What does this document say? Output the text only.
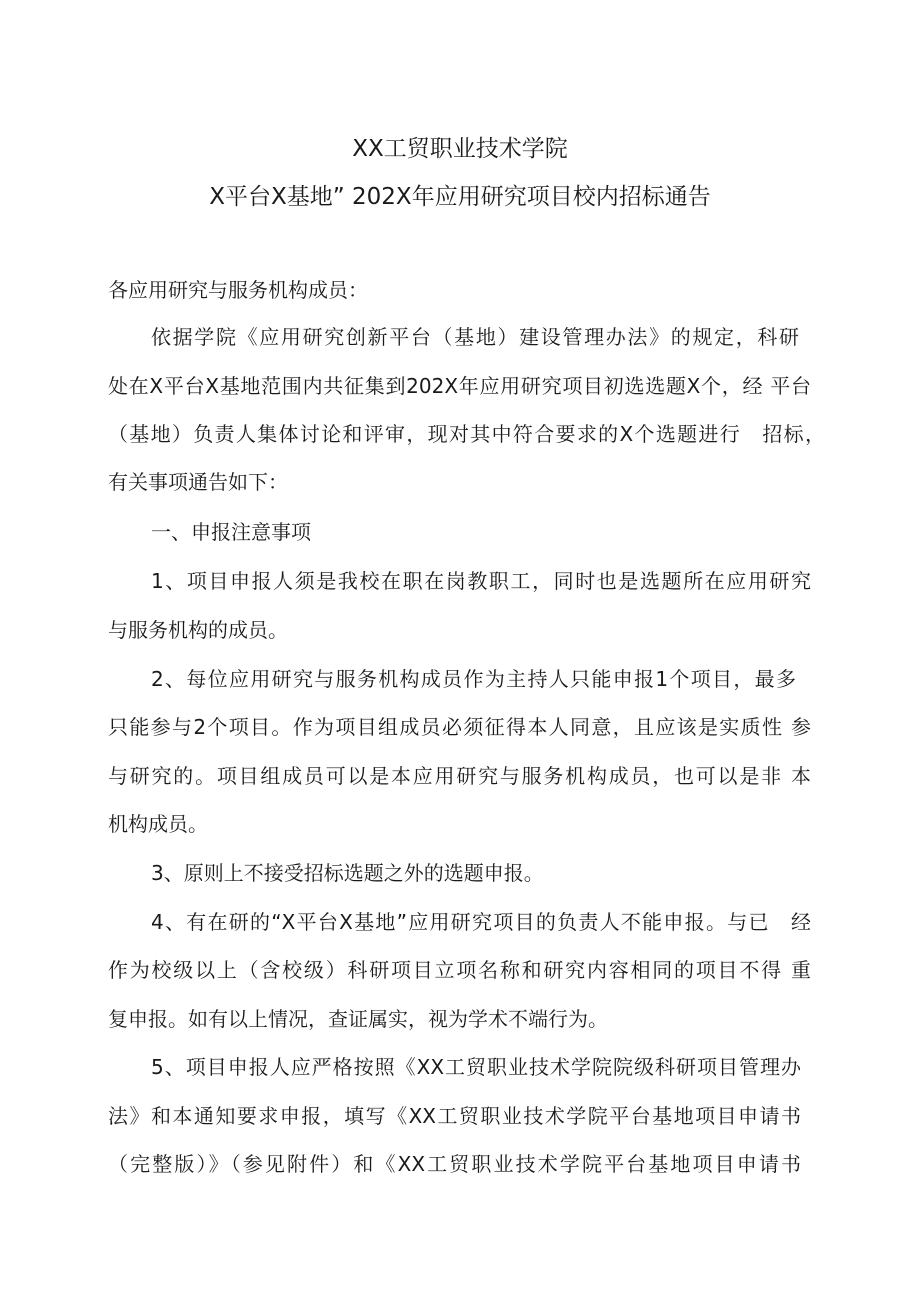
XX工贸职业技术学院
X平台X基地” 202X年应用研究项目校内招标通告

各应用研究与服务机构成员：

依据学院《应用研究创新平台（基地）建设管理办法》的规定，科研

处在X平台X基地范围内共征集到202X年应用研究项目初选选题X个，经 平台

（基地）负责人集体讨论和评审，现对其中符合要求的X个选题进行　招标，

有关事项通告如下：

一、申报注意事项

1、项目申报人须是我校在职在岗教职工，同时也是选题所在应用研究

与服务机构的成员。

2、每位应用研究与服务机构成员作为主持人只能申报1个项目，最多

只能参与2个项目。作为项目组成员必须征得本人同意，且应该是实质性 参

与研究的。项目组成员可以是本应用研究与服务机构成员，也可以是非 本

机构成员。

3、原则上不接受招标选题之外的选题申报。

4、有在研的“X平台X基地”应用研究项目的负责人不能申报。与已　经

作为校级以上（含校级）科研项目立项名称和研究内容相同的项目不得 重

复申报。如有以上情况，查证属实，视为学术不端行为。

5、项目申报人应严格按照《XX工贸职业技术学院院级科研项目管理办

法》和本通知要求申报，填写《XX工贸职业技术学院平台基地项目申请书

（完整版）》（参见附件）和《XX工贸职业技术学院平台基地项目申请书
